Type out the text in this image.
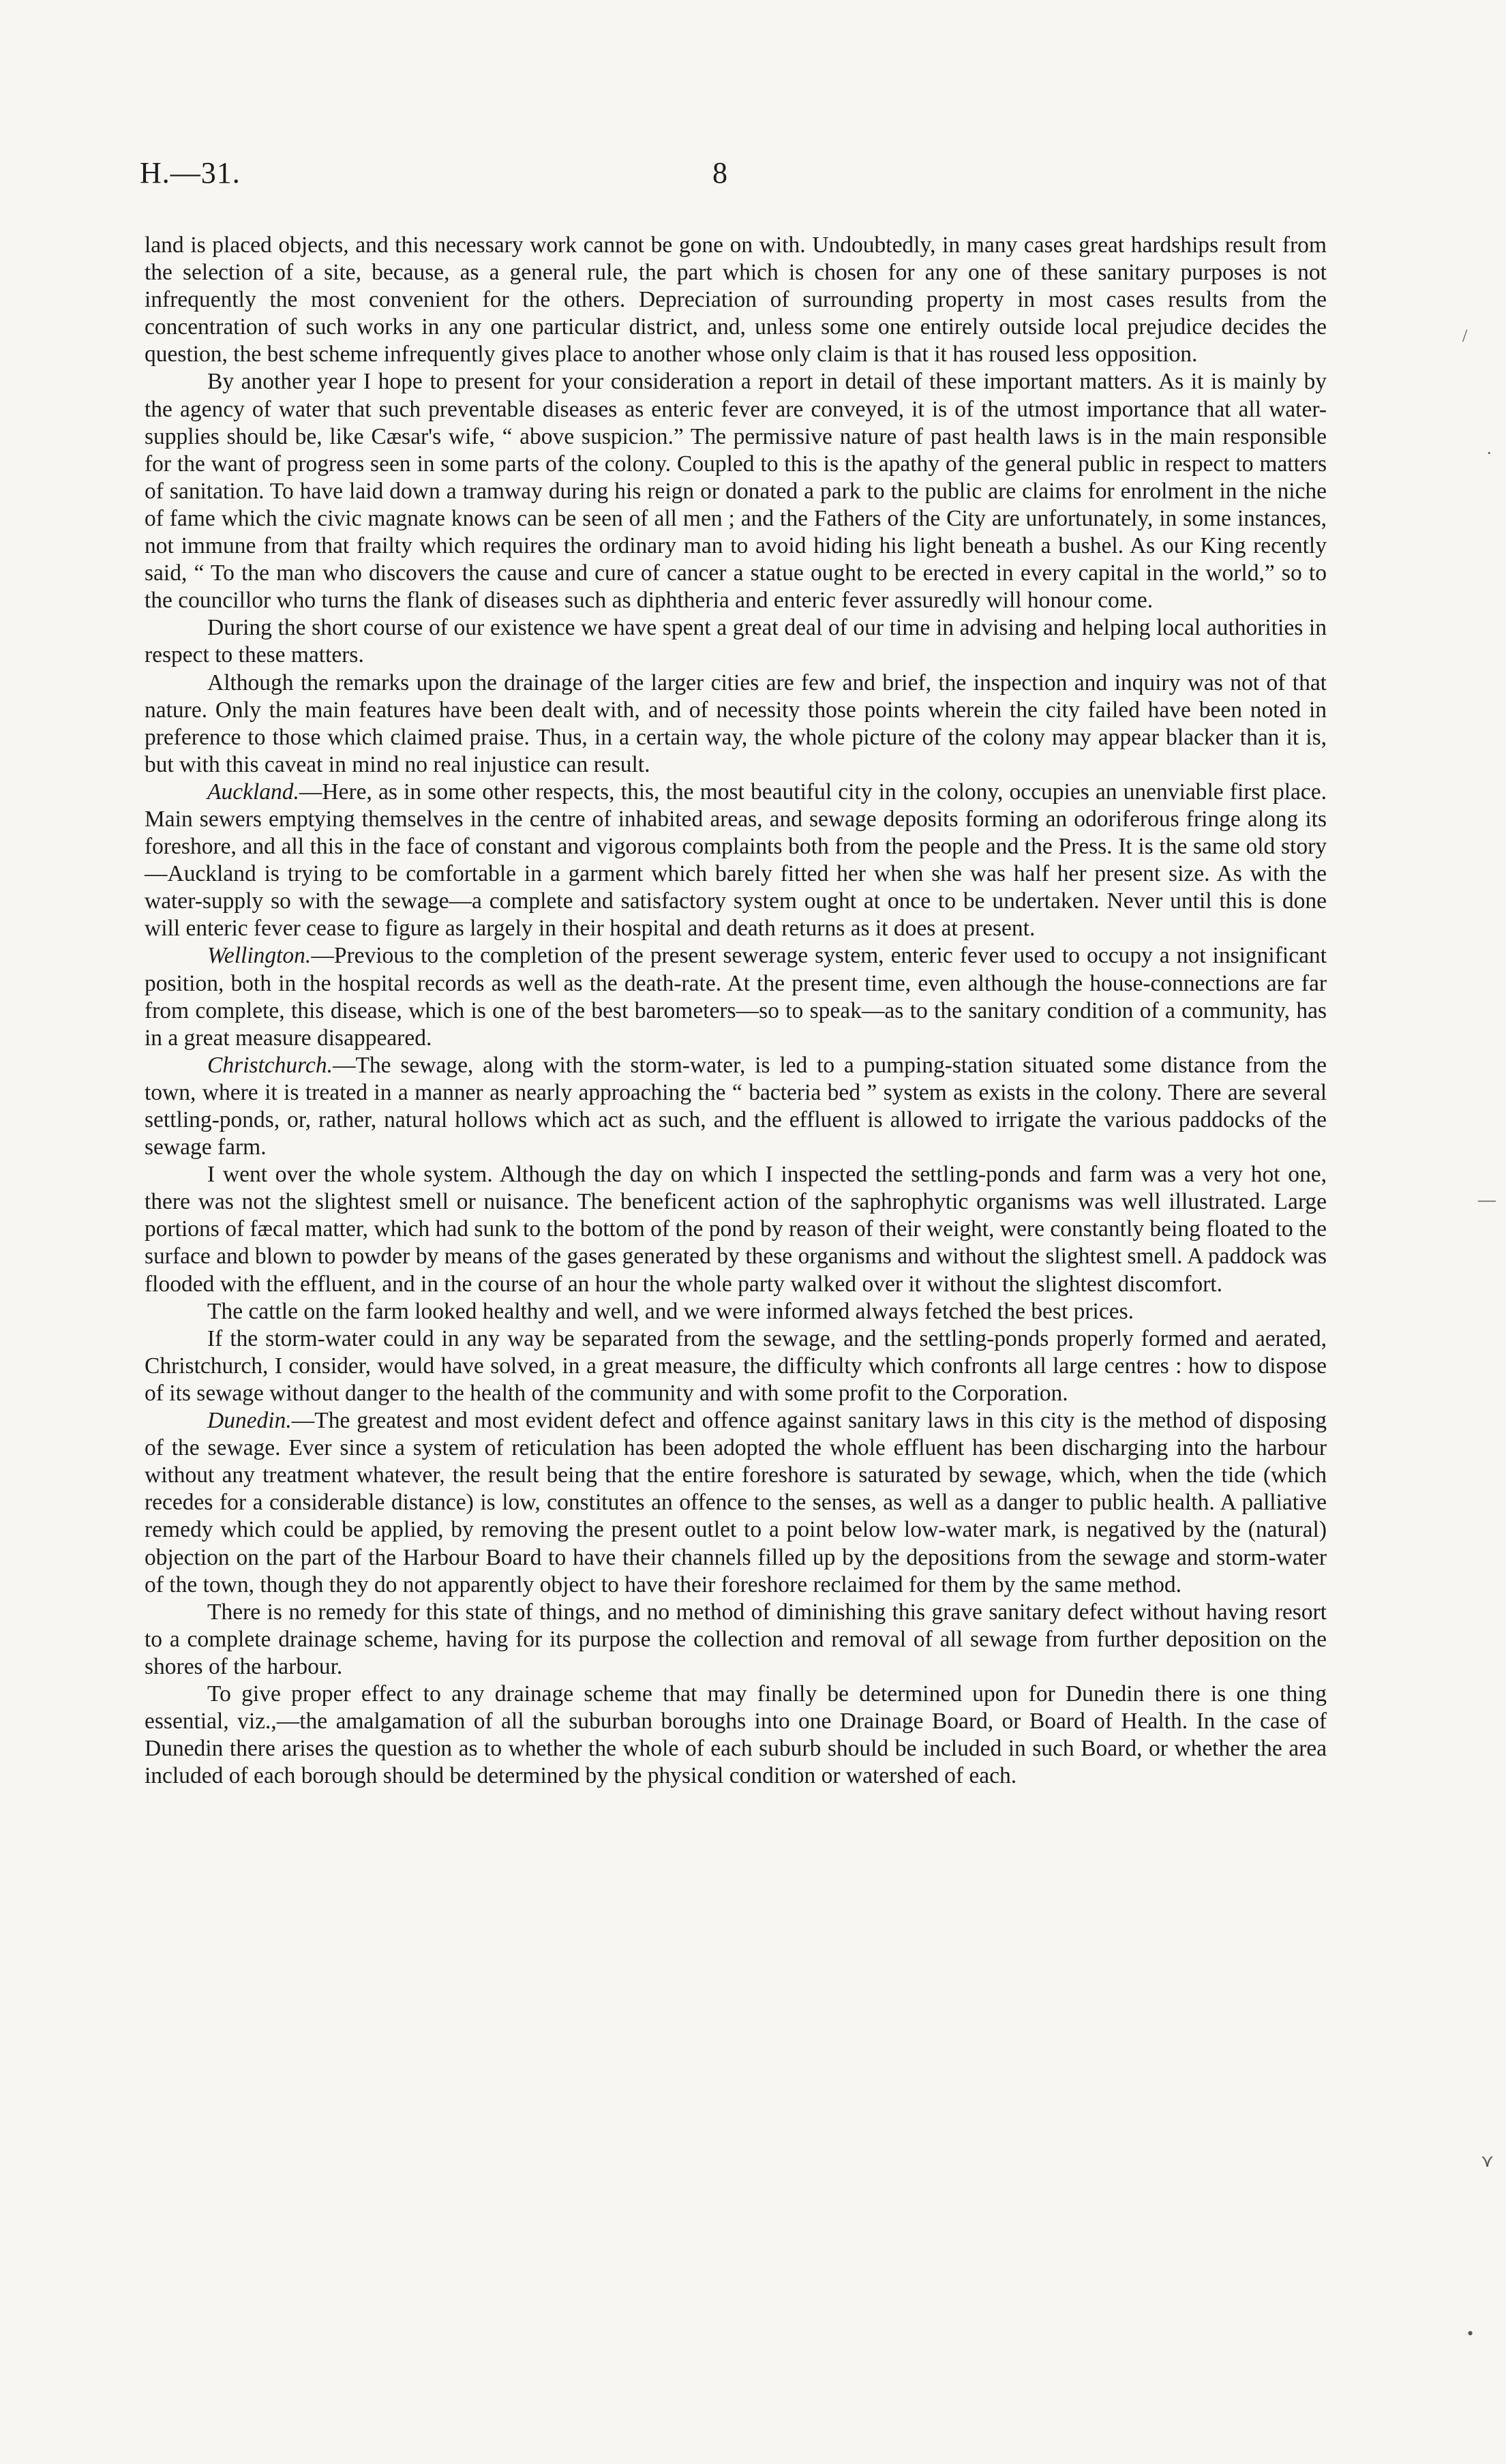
H.—31.	8

land is placed objects, and this necessary work cannot be gone on with. Undoubtedly, in many cases great hardships result from the selection of a site, because, as a general rule, the part which is chosen for any one of these sanitary purposes is not infrequently the most convenient for the others. Depreciation of surrounding property in most cases results from the concentration of such works in any one particular district, and, unless some one entirely outside local prejudice decides the question, the best scheme infrequently gives place to another whose only claim is that it has roused less opposition.

By another year I hope to present for your consideration a report in detail of these important matters. As it is mainly by the agency of water that such preventable diseases as enteric fever are conveyed, it is of the utmost importance that all water-supplies should be, like Cæsar's wife, “ above suspicion.” The permissive nature of past health laws is in the main responsible for the want of progress seen in some parts of the colony. Coupled to this is the apathy of the general public in respect to matters of sanitation. To have laid down a tramway during his reign or donated a park to the public are claims for enrolment in the niche of fame which the civic magnate knows can be seen of all men ; and the Fathers of the City are unfortunately, in some instances, not immune from that frailty which requires the ordinary man to avoid hiding his light beneath a bushel. As our King recently said, “ To the man who discovers the cause and cure of cancer a statue ought to be erected in every capital in the world,” so to the councillor who turns the flank of diseases such as diphtheria and enteric fever assuredly will honour come.

During the short course of our existence we have spent a great deal of our time in advising and helping local authorities in respect to these matters.

Although the remarks upon the drainage of the larger cities are few and brief, the inspection and inquiry was not of that nature. Only the main features have been dealt with, and of necessity those points wherein the city failed have been noted in preference to those which claimed praise. Thus, in a certain way, the whole picture of the colony may appear blacker than it is, but with this caveat in mind no real injustice can result.

Auckland.—Here, as in some other respects, this, the most beautiful city in the colony, occupies an unenviable first place. Main sewers emptying themselves in the centre of inhabited areas, and sewage deposits forming an odoriferous fringe along its foreshore, and all this in the face of constant and vigorous complaints both from the people and the Press. It is the same old story—Auckland is trying to be comfortable in a garment which barely fitted her when she was half her present size. As with the water-supply so with the sewage—a complete and satisfactory system ought at once to be undertaken. Never until this is done will enteric fever cease to figure as largely in their hospital and death returns as it does at present.

Wellington.—Previous to the completion of the present sewerage system, enteric fever used to occupy a not insignificant position, both in the hospital records as well as the death-rate. At the present time, even although the house-connections are far from complete, this disease, which is one of the best barometers—so to speak—as to the sanitary condition of a community, has in a great measure disappeared.

Christchurch.—The sewage, along with the storm-water, is led to a pumping-station situated some distance from the town, where it is treated in a manner as nearly approaching the “ bacteria bed ” system as exists in the colony. There are several settling-ponds, or, rather, natural hollows which act as such, and the effluent is allowed to irrigate the various paddocks of the sewage farm.

I went over the whole system. Although the day on which I inspected the settling-ponds and farm was a very hot one, there was not the slightest smell or nuisance. The beneficent action of the saphrophytic organisms was well illustrated. Large portions of fæcal matter, which had sunk to the bottom of the pond by reason of their weight, were constantly being floated to the surface and blown to powder by means of the gases generated by these organisms and without the slightest smell. A paddock was flooded with the effluent, and in the course of an hour the whole party walked over it without the slightest discomfort.

The cattle on the farm looked healthy and well, and we were informed always fetched the best prices.

If the storm-water could in any way be separated from the sewage, and the settling-ponds properly formed and aerated, Christchurch, I consider, would have solved, in a great measure, the difficulty which confronts all large centres : how to dispose of its sewage without danger to the health of the community and with some profit to the Corporation.

Dunedin.—The greatest and most evident defect and offence against sanitary laws in this city is the method of disposing of the sewage. Ever since a system of reticulation has been adopted the whole effluent has been discharging into the harbour without any treatment whatever, the result being that the entire foreshore is saturated by sewage, which, when the tide (which recedes for a considerable distance) is low, constitutes an offence to the senses, as well as a danger to public health. A palliative remedy which could be applied, by removing the present outlet to a point below low-water mark, is negatived by the (natural) objection on the part of the Harbour Board to have their channels filled up by the depositions from the sewage and storm-water of the town, though they do not apparently object to have their foreshore reclaimed for them by the same method.

There is no remedy for this state of things, and no method of diminishing this grave sanitary defect without having resort to a complete drainage scheme, having for its purpose the collection and removal of all sewage from further deposition on the shores of the harbour.

To give proper effect to any drainage scheme that may finally be determined upon for Dunedin there is one thing essential, viz.,—the amalgamation of all the suburban boroughs into one Drainage Board, or Board of Health. In the case of Dunedin there arises the question as to whether the whole of each suburb should be included in such Board, or whether the area included of each borough should be determined by the physical condition or watershed of each.

/
—
⋎
•
·
